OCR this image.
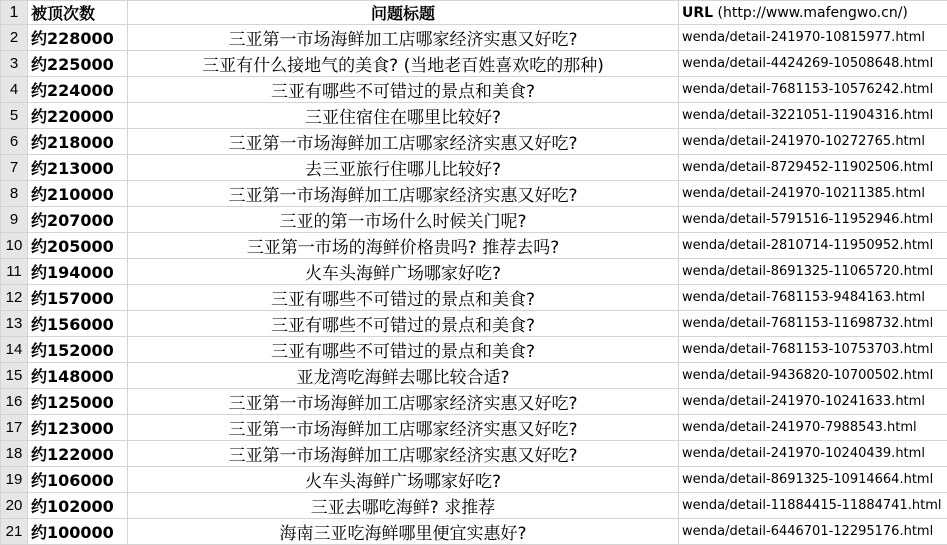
1	被顶次数	问题标题	URL (http://www.mafengwo.cn/)
2	约228000	三亚第一市场海鲜加工店哪家经济实惠又好吃?	wenda/detail-241970-10815977.html
3	约225000	三亚有什么接地气的美食? (当地老百姓喜欢吃的那种)	wenda/detail-4424269-10508648.html
4	约224000	三亚有哪些不可错过的景点和美食?	wenda/detail-7681153-10576242.html
5	约220000	三亚住宿住在哪里比较好?	wenda/detail-3221051-11904316.html
6	约218000	三亚第一市场海鲜加工店哪家经济实惠又好吃?	wenda/detail-241970-10272765.html
7	约213000	去三亚旅行住哪儿比较好?	wenda/detail-8729452-11902506.html
8	约210000	三亚第一市场海鲜加工店哪家经济实惠又好吃?	wenda/detail-241970-10211385.html
9	约207000	三亚的第一市场什么时候关门呢?	wenda/detail-5791516-11952946.html
10	约205000	三亚第一市场的海鲜价格贵吗? 推荐去吗?	wenda/detail-2810714-11950952.html
11	约194000	火车头海鲜广场哪家好吃?	wenda/detail-8691325-11065720.html
12	约157000	三亚有哪些不可错过的景点和美食?	wenda/detail-7681153-9484163.html
13	约156000	三亚有哪些不可错过的景点和美食?	wenda/detail-7681153-11698732.html
14	约152000	三亚有哪些不可错过的景点和美食?	wenda/detail-7681153-10753703.html
15	约148000	亚龙湾吃海鲜去哪比较合适?	wenda/detail-9436820-10700502.html
16	约125000	三亚第一市场海鲜加工店哪家经济实惠又好吃?	wenda/detail-241970-10241633.html
17	约123000	三亚第一市场海鲜加工店哪家经济实惠又好吃?	wenda/detail-241970-7988543.html
18	约122000	三亚第一市场海鲜加工店哪家经济实惠又好吃?	wenda/detail-241970-10240439.html
19	约106000	火车头海鲜广场哪家好吃?	wenda/detail-8691325-10914664.html
20	约102000	三亚去哪吃海鲜? 求推荐	wenda/detail-11884415-11884741.html
21	约100000	海南三亚吃海鲜哪里便宜实惠好?	wenda/detail-6446701-12295176.html
